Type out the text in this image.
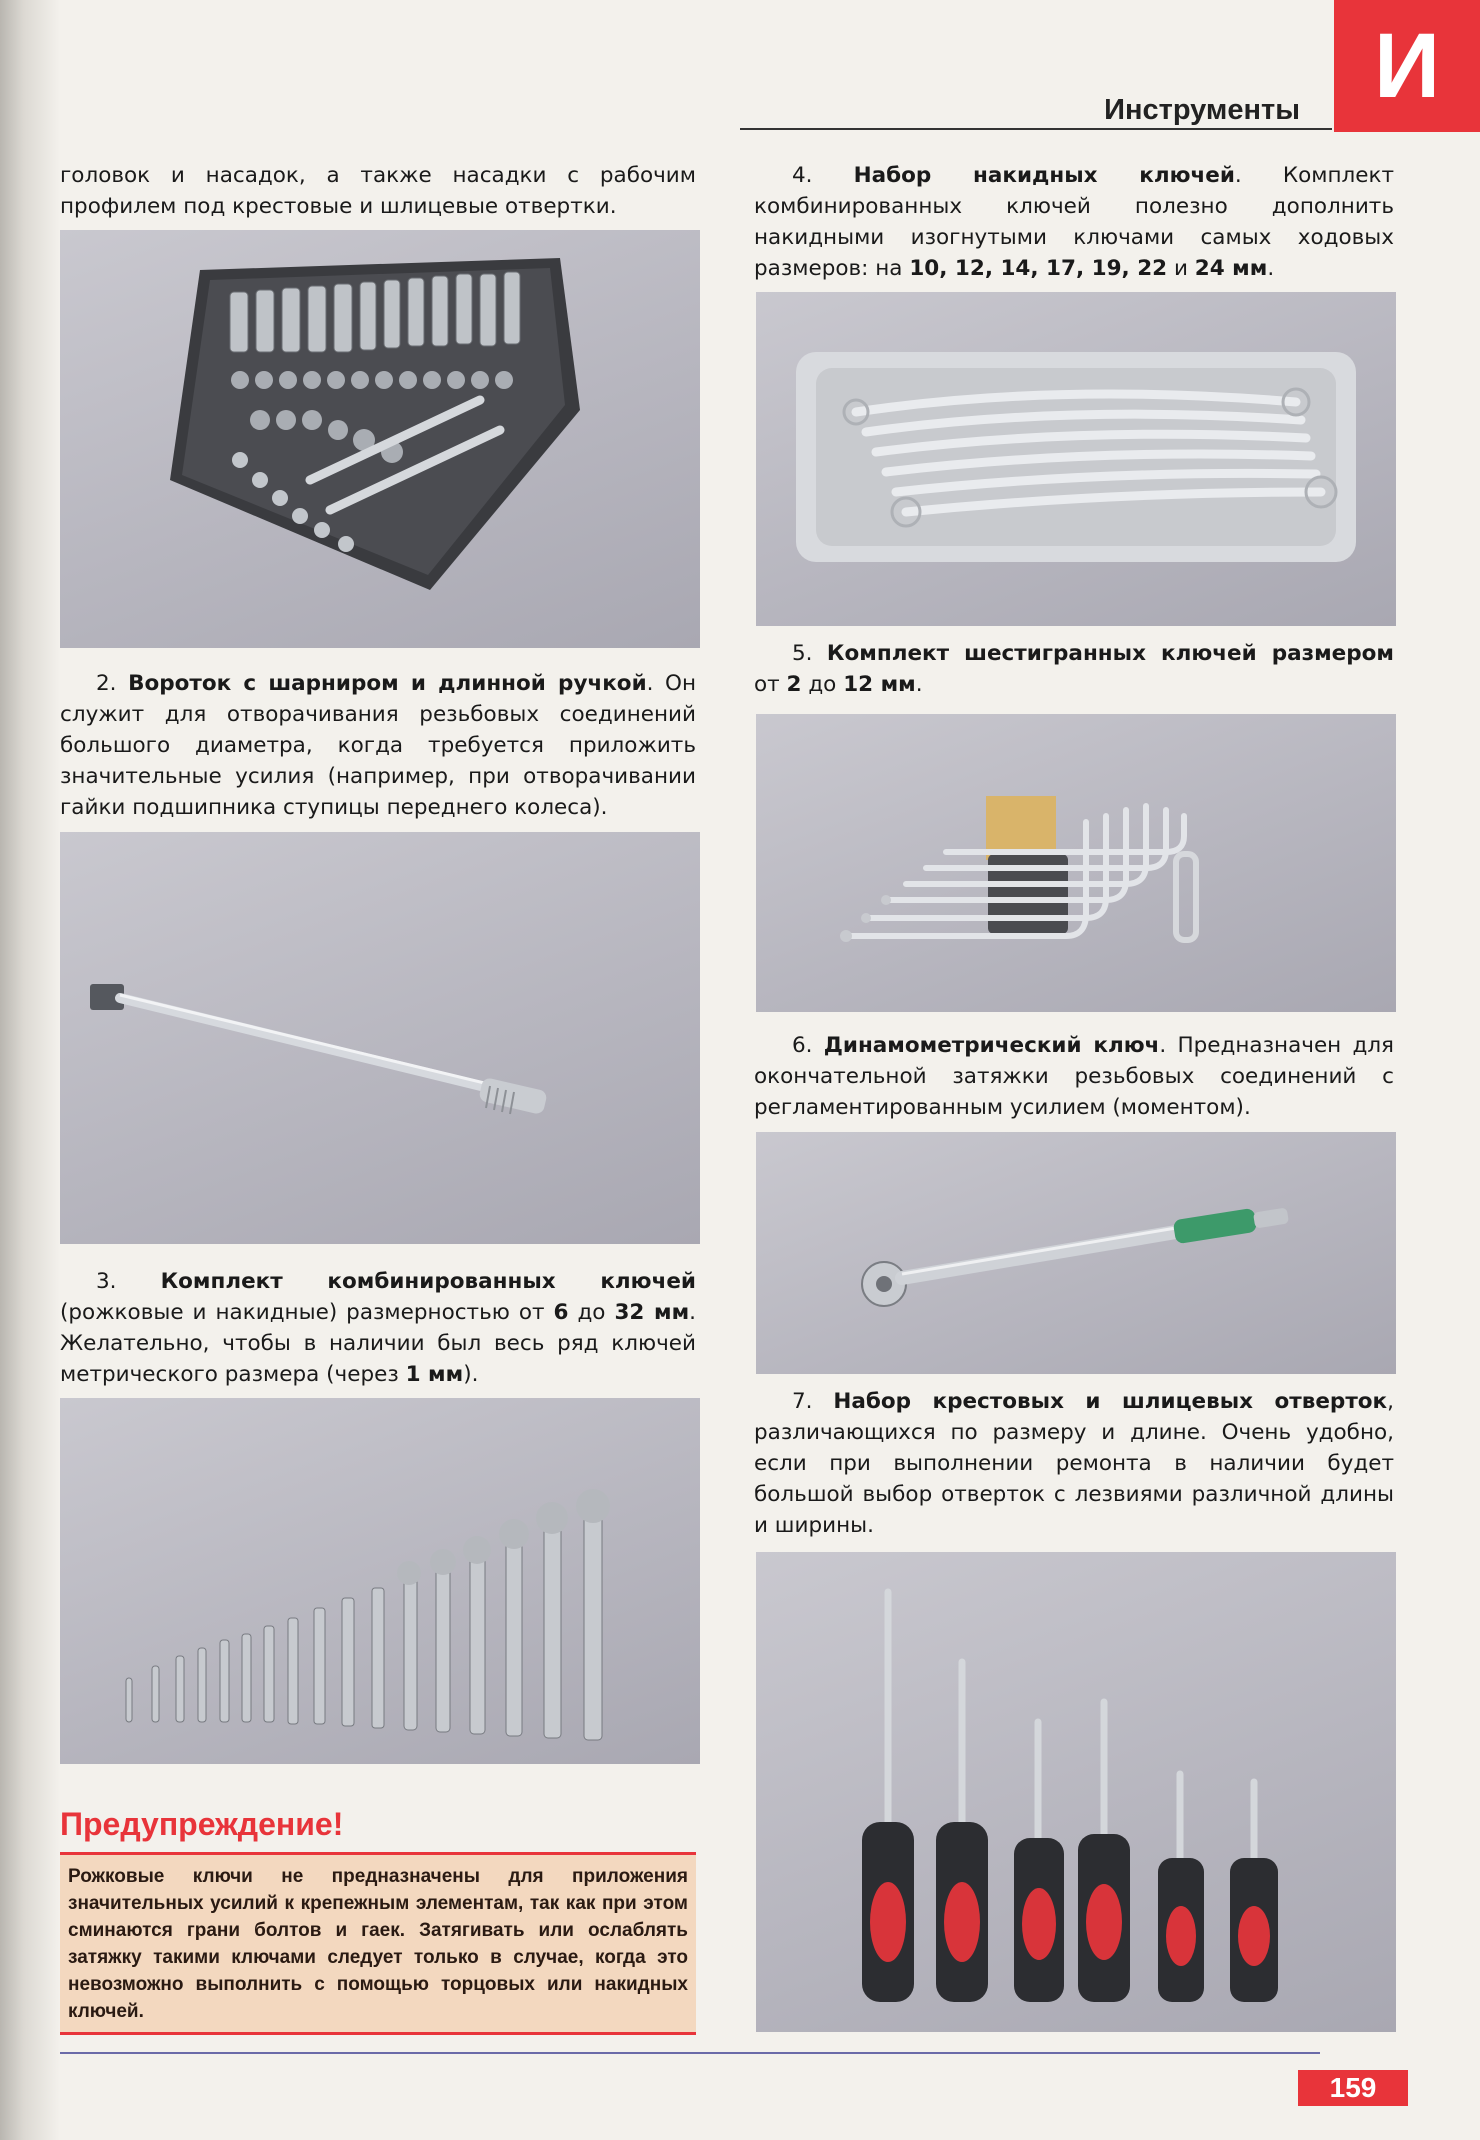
Инструменты И

головок и насадок, а также насадки с рабочим профилем под крестовые и шлицевые отвертки.

2. Вороток с шарниром и длинной ручкой. Он служит для отворачивания резьбовых соединений большого диаметра, когда требуется приложить значительные усилия (например, при отворачивании гайки подшипника ступицы переднего колеса).

3. Комплект комбинированных ключей (рожковые и накидные) размерностью от 6 до 32 мм. Желательно, чтобы в наличии был весь ряд ключей метрического размера (через 1 мм).

Предупреждение!

Рожковые ключи не предназначены для приложения значительных усилий к крепежным элементам, так как при этом сминаются грани болтов и гаек. Затягивать или ослаблять затяжку такими ключами следует только в случае, когда это невозможно выполнить с помощью торцовых или накидных ключей.

4. Набор накидных ключей. Комплект комбинированных ключей полезно дополнить накидными изогнутыми ключами самых ходовых размеров: на 10, 12, 14, 17, 19, 22 и 24 мм.

5. Комплект шестигранных ключей размером от 2 до 12 мм.

6. Динамометрический ключ. Предназначен для окончательной затяжки резьбовых соединений с регламентированным усилием (моментом).

7. Набор крестовых и шлицевых отверток, различающихся по размеру и длине. Очень удобно, если при выполнении ремонта в наличии будет большой выбор отверток с лезвиями различной длины и ширины.

159
